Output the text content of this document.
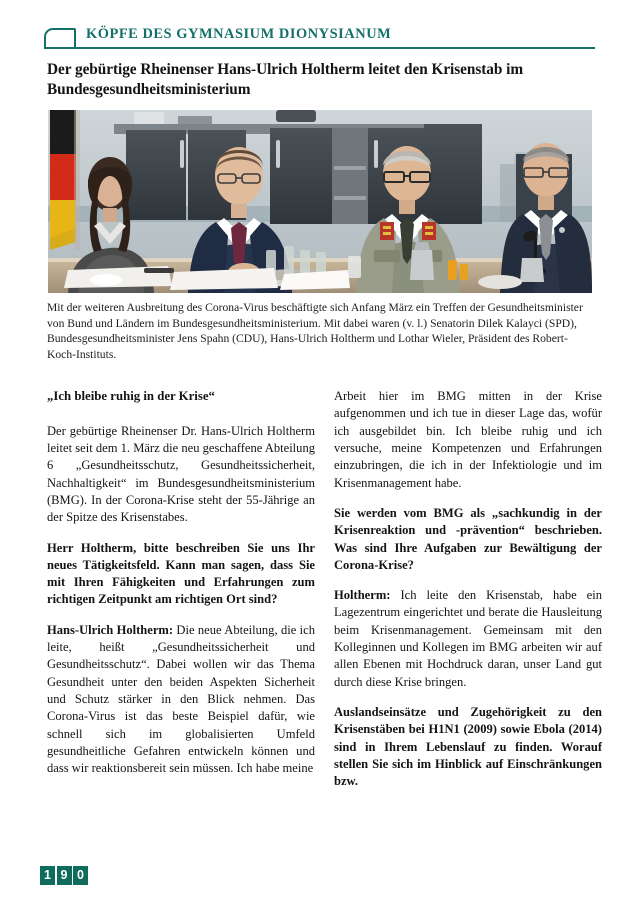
KÖPFE DES GYMNASIUM DIONYSIANUM
Der gebürtige Rheinenser Hans-Ulrich Holtherm leitet den Krisenstab im Bundesgesundheitsministerium
Mit der weiteren Ausbreitung des Corona-Virus beschäftigte sich Anfang März ein Treffen der Gesundheitsminister von Bund und Ländern im Bundesgesundheitsministerium. Mit dabei waren (v. l.) Senatorin Dilek Kalayci (SPD), Bundesgesundheitsminister Jens Spahn (CDU), Hans-Ulrich Holtherm und Lothar Wieler, Präsident des Robert-Koch-Instituts.

„Ich bleibe ruhig in der Krise“

Der gebürtige Rheinenser Dr. Hans-Ulrich Holtherm leitet seit dem 1. März die neu geschaffene Abteilung 6 „Gesundheitsschutz, Gesundheitssicherheit, Nachhaltigkeit“ im Bundesgesundheitsministerium (BMG). In der Corona-Krise steht der 55-Jährige an der Spitze des Krisenstabes.

Herr Holtherm, bitte beschreiben Sie uns Ihr neues Tätigkeitsfeld. Kann man sagen, dass Sie mit Ihren Fähigkeiten und Erfahrungen zum richtigen Zeitpunkt am richtigen Ort sind?

Hans-Ulrich Holtherm: Die neue Abteilung, die ich leite, heißt „Gesundheitssicherheit und Gesundheitsschutz“. Dabei wollen wir das Thema Gesundheit unter den beiden Aspekten Sicherheit und Schutz stärker in den Blick nehmen. Das Corona-Virus ist das beste Beispiel dafür, wie schnell sich im globalisierten Umfeld gesundheitliche Gefahren entwickeln können und dass wir reaktionsbereit sein müssen. Ich habe meine

Arbeit hier im BMG mitten in der Krise aufgenommen und ich tue in dieser Lage das, wofür ich ausgebildet bin. Ich bleibe ruhig und ich versuche, meine Kompetenzen und Erfahrungen einzubringen, die ich in der Infektiologie und im Krisenmanagement habe.

Sie werden vom BMG als „sachkundig in der Krisenreaktion und -prävention“ beschrieben. Was sind Ihre Aufgaben zur Bewältigung der Corona-Krise?

Holtherm: Ich leite den Krisenstab, habe ein Lagezentrum eingerichtet und berate die Hausleitung beim Krisenmanagement. Gemeinsam mit den Kolleginnen und Kollegen im BMG arbeiten wir auf allen Ebenen mit Hochdruck daran, unser Land gut durch diese Krise bringen.

Auslandseinsätze und Zugehörigkeit zu den Krisenstäben bei H1N1 (2009) sowie Ebola (2014) sind in Ihrem Lebenslauf zu finden. Worauf stellen Sie sich im Hinblick auf Einschränkungen bzw.

1 9 0
